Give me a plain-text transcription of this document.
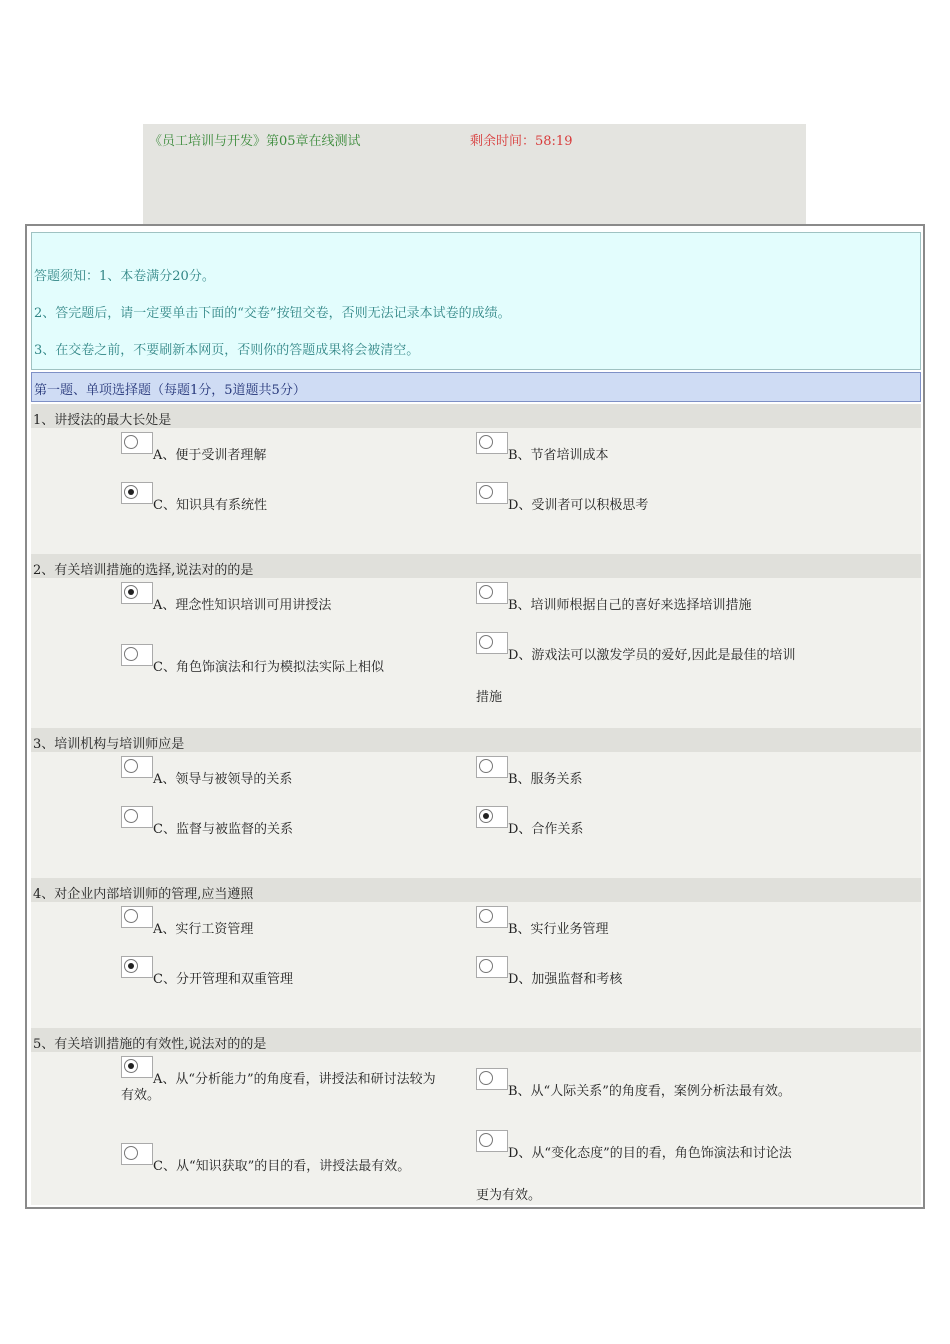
《员工培训与开发》第05章在线测试	剩余时间：58:19

答题须知：1、本卷满分20分。

2、答完题后，请一定要单击下面的“交卷”按钮交卷，否则无法记录本试卷的成绩。

3、在交卷之前，不要刷新本网页，否则你的答题成果将会被清空。

第一题、单项选择题（每题1分，5道题共5分）
1、讲授法的最大长处是
A、便于受训者理解	B、节省培训成本
C、知识具有系统性	D、受训者可以积极思考
2、有关培训措施的选择,说法对的的是
A、理念性知识培训可用讲授法	B、培训师根据自己的喜好来选择培训措施
C、角色饰演法和行为模拟法实际上相似
D、游戏法可以激发学员的爱好,因此是最佳的培训
措施
3、培训机构与培训师应是
A、领导与被领导的关系	B、服务关系
C、监督与被监督的关系	D、合作关系
4、对企业内部培训师的管理,应当遵照
A、实行工资管理	B、实行业务管理
C、分开管理和双重管理	D、加强监督和考核
5、有关培训措施的有效性,说法对的的是
A、从“分析能力”的角度看，讲授法和研讨法较为
有效。	B、从“人际关系”的角度看，案例分析法最有效。
C、从“知识获取”的目的看，讲授法最有效。
D、从“变化态度”的目的看，角色饰演法和讨论法
更为有效。
